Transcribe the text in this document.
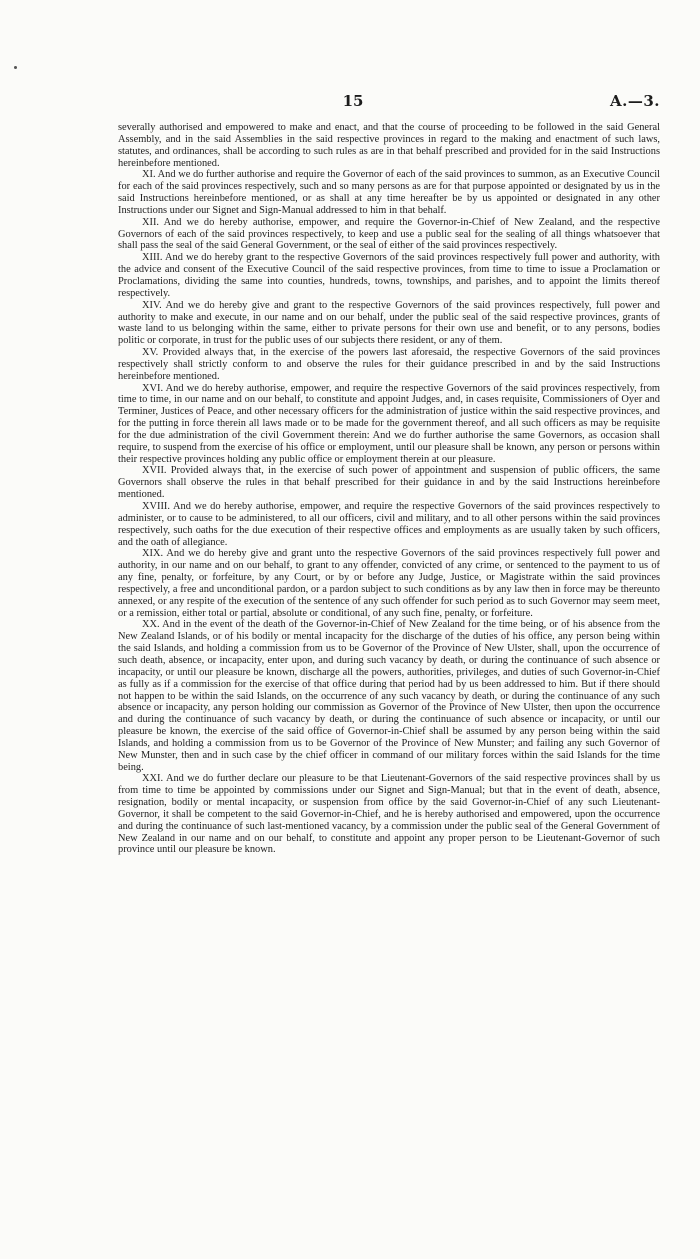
15	A.—3.

severally authorised and empowered to make and enact, and that the course of proceeding to be followed in the said General Assembly, and in the said Assemblies in the said respective provinces in regard to the making and enactment of such laws, statutes, and ordinances, shall be according to such rules as are in that behalf prescribed and provided for in the said Instructions hereinbefore mentioned.

XI. And we do further authorise and require the Governor of each of the said provinces to summon, as an Executive Council for each of the said provinces respectively, such and so many persons as are for that purpose appointed or designated by us in the said Instructions hereinbefore mentioned, or as shall at any time hereafter be by us appointed or designated in any other Instructions under our Signet and Sign-Manual addressed to him in that behalf.

XII. And we do hereby authorise, empower, and require the Governor-in-Chief of New Zealand, and the respective Governors of each of the said provinces respectively, to keep and use a public seal for the sealing of all things whatsoever that shall pass the seal of the said General Government, or the seal of either of the said provinces respectively.

XIII. And we do hereby grant to the respective Governors of the said provinces respectively full power and authority, with the advice and consent of the Executive Council of the said respective provinces, from time to time to issue a Proclamation or Proclamations, dividing the same into counties, hundreds, towns, townships, and parishes, and to appoint the limits thereof respectively.

XIV. And we do hereby give and grant to the respective Governors of the said provinces respectively, full power and authority to make and execute, in our name and on our behalf, under the public seal of the said respective provinces, grants of waste land to us belonging within the same, either to private persons for their own use and benefit, or to any persons, bodies politic or corporate, in trust for the public uses of our subjects there resident, or any of them.

XV. Provided always that, in the exercise of the powers last aforesaid, the respective Governors of the said provinces respectively shall strictly conform to and observe the rules for their guidance prescribed in and by the said Instructions hereinbefore mentioned.

XVI. And we do hereby authorise, empower, and require the respective Governors of the said provinces respectively, from time to time, in our name and on our behalf, to constitute and appoint Judges, and, in cases requisite, Commissioners of Oyer and Terminer, Justices of Peace, and other necessary officers for the administration of justice within the said respective provinces, and for the putting in force therein all laws made or to be made for the government thereof, and all such officers as may be requisite for the due administration of the civil Government therein: And we do further authorise the same Governors, as occasion shall require, to suspend from the exercise of his office or employment, until our pleasure shall be known, any person or persons within their respective provinces holding any public office or employment therein at our pleasure.

XVII. Provided always that, in the exercise of such power of appointment and suspension of public officers, the same Governors shall observe the rules in that behalf prescribed for their guidance in and by the said Instructions hereinbefore mentioned.

XVIII. And we do hereby authorise, empower, and require the respective Governors of the said provinces respectively to administer, or to cause to be administered, to all our officers, civil and military, and to all other persons within the said provinces respectively, such oaths for the due execution of their respective offices and employments as are usually taken by such officers, and the oath of allegiance.

XIX. And we do hereby give and grant unto the respective Governors of the said provinces respectively full power and authority, in our name and on our behalf, to grant to any offender, convicted of any crime, or sentenced to the payment to us of any fine, penalty, or forfeiture, by any Court, or by or before any Judge, Justice, or Magistrate within the said provinces respectively, a free and unconditional pardon, or a pardon subject to such conditions as by any law then in force may be thereunto annexed, or any respite of the execution of the sentence of any such offender for such period as to such Governor may seem meet, or a remission, either total or partial, absolute or conditional, of any such fine, penalty, or forfeiture.

XX. And in the event of the death of the Governor-in-Chief of New Zealand for the time being, or of his absence from the New Zealand Islands, or of his bodily or mental incapacity for the discharge of the duties of his office, any person being within the said Islands, and holding a commission from us to be Governor of the Province of New Ulster, shall, upon the occurrence of such death, absence, or incapacity, enter upon, and during such vacancy by death, or during the continuance of such absence or incapacity, or until our pleasure be known, discharge all the powers, authorities, privileges, and duties of such Governor-in-Chief as fully as if a commission for the exercise of that office during that period had by us been addressed to him. But if there should not happen to be within the said Islands, on the occurrence of any such vacancy by death, or during the continuance of any such absence or incapacity, any person holding our commission as Governor of the Province of New Ulster, then upon the occurrence and during the continuance of such vacancy by death, or during the continuance of such absence or incapacity, or until our pleasure be known, the exercise of the said office of Governor-in-Chief shall be assumed by any person being within the said Islands, and holding a commission from us to be Governor of the Province of New Munster; and failing any such Governor of New Munster, then and in such case by the chief officer in command of our military forces within the said Islands for the time being.

XXI. And we do further declare our pleasure to be that Lieutenant-Governors of the said respective provinces shall by us from time to time be appointed by commissions under our Signet and Sign-Manual; but that in the event of death, absence, resignation, bodily or mental incapacity, or suspension from office by the said Governor-in-Chief of any such Lieutenant-Governor, it shall be competent to the said Governor-in-Chief, and he is hereby authorised and empowered, upon the occurrence and during the continuance of such last-mentioned vacancy, by a commission under the public seal of the General Government of New Zealand in our name and on our behalf, to constitute and appoint any proper person to be Lieutenant-Governor of such province until our pleasure be known.
